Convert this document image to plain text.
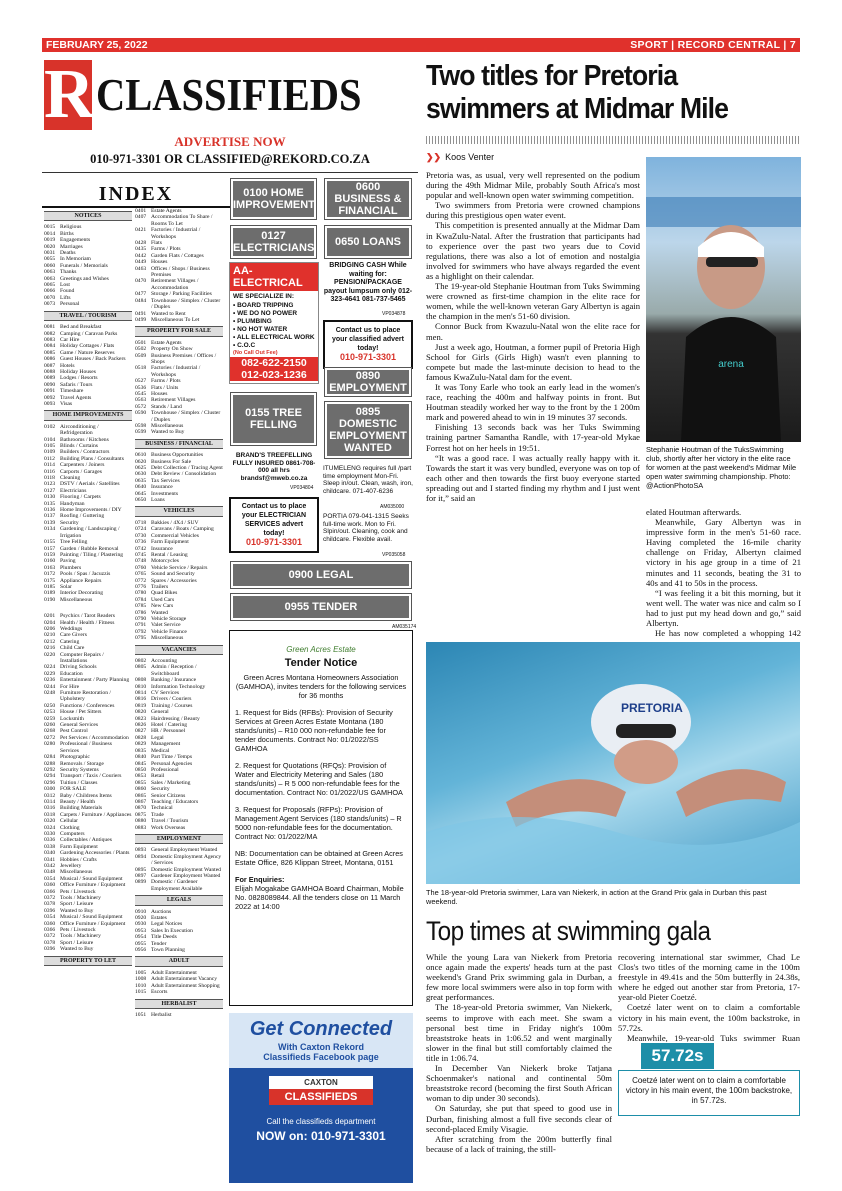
FEBRUARY 25, 2022	SPORT | RECORD CENTRAL | 7
R CLASSIFIEDS
ADVERTISE NOW
010-971-3301 OR CLASSIFIED@REKORD.CO.ZA
INDEX
NOTICES
0015 Religious
0014 Births
0019 Engagements
0020 Marriages
0031 Deaths
0055 In Memoriam
0060 Funerals / Memorials
0063 Thanks
0063 Greetings and Wishes
0065 Lost
0066 Found
0070 Lifts
0073 Personal
TRAVEL / TOURISM
0081 Bed and Breakfast
0082 Camping / Caravan Parks
0083 Car Hire
0084 Holiday Cottages / Flats
0085 Game / Nature Reserves
0086 Guest Houses / Back Packers
0087 Hotels
0088 Holiday Houses
0089 Lodges / Resorts
0090 Safaris / Tours
0091 Timeshare
0092 Travel Agents
0093 Visas
HOME IMPROVEMENTS
0102 Airconditioning / Refridgeration
0104 Bathrooms / Kitchens
0105 Blinds / Curtains
0109 Builders / Contractors
0112 Building Plans / Consultants
0114 Carpenters / Joiners
0116 Carports / Garages
0118 Cleaning
0123 DSTV / Aerials / Satellites
0127 Electricians
0130 Flooring / Carpets
0135 Handyman
0136 Home Improvements / DIY
0137 Roofing / Guttering
0139 Security
0134 Gardening / Landscaping / Irrigation
0155 Tree Felling
0157 Garden / Rubble Removal
0159 Painting / Tiling / Plastering
0160 Paving
0163 Plumbers
0172 Pools / Spas / Jacuzzis
0175 Appliance Repairs
0185 Solar
0189 Interior Decorating
0190 Miscellaneous
0201 Psychics / Tarot Readers
0204 Health / Health / Fitness
0206 Weddings
0210 Care Givers
0212 Catering
0216 Child Care
0220 Computer Repairs / Installations
0224 Driving Schools
0229 Education
0236 Entertainment / Party Planning
0244 For Hire
0248 Furniture Restoration / Upholstery
0250 Functions / Conferences
0253 House / Pet Sitters
0259 Locksmith
0260 General Services
0268 Pest Control
0272 Pet Services / Accommodation
0280 Professional / Business Services
0284 Photographic
0288 Removals / Storage
0292 Security Systems
0294 Transport / Taxis / Couriers
0296 Tuition / Classes
0300 FOR SALE
0312 Baby / Childrens Items
0314 Beauty / Health
0316 Building Materials
0318 Carpets / Furniture / Appliances
0320 Cellular
0324 Clothing
0330 Computers
0336 Collectables / Antiques
0338 Farm Equipment
0340 Gardening Accessories / Plants
0341 Hobbies / Crafts
0342 Jewellery
0348 Miscellaneous
0354 Musical / Sound Equipment
0360 Office Furniture / Equipment
0366 Pets / Livestock
0372 Tools / Machinery
0378 Sport / Leisure
0396 Wanted to Buy
0354 Musical / Sound Equipment
0360 Office Furniture / Equipment
0366 Pets / Livestock
0372 Tools / Machinery
0378 Sport / Leisure
0396 Wanted to Buy
PROPERTY TO LET
0401 Estate Agents
0407 Accommodation To Share / Rooms To Let
0421 Factories / Industrial / Workshops
0428 Flats
0435 Farms / Plots
0442 Garden Flats / Cottages
0449 Houses
0463 Offices / Shops / Business Premises
0470 Retirement Villages / Accommodation
0477 Storage / Parking Facilities
0484 Townhouse / Simplex / Cluster / Duplex
0491 Wanted to Rent
0499 Miscellaneous To Let
PROPERTY FOR SALE
0501 Estate Agents
0502 Property On Show
0509 Business Premises / Offices / Shops
0518 Factories / Industrial / Workshops
0527 Farms / Plots
0536 Flats / Units
0545 Houses
0563 Retirement Villages
0572 Stands / Land
0590 Townhouse / Simplex / Cluster / Duplex
0598 Miscellaneous
0599 Wanted to Buy
BUSINESS / FINANCIAL
0610 Business Opportunities
0620 Business For Sale
0625 Debt Collection / Tracing Agent
0630 Debt Review / Consolidation
0635 Tax Services
0640 Insurance
0645 Investments
0650 Loans
VEHICLES
0718 Bakkies / 4X4 / SUV
0724 Caravans / Boats / Camping
0730 Commercial Vehicles
0736 Farm Equipment
0742 Insurance
0745 Rental / Leasing
0748 Motorcycles
0760 Vehicle Service / Repairs
0765 Sound and Security
0772 Spares / Accessories
0776 Trailers
0780 Quad Bikes
0784 Used Cars
0785 New Cars
0786 Wanted
0790 Vehicle Storage
0791 Valet Service
0792 Vehicle Finance
0795 Miscellaneous
VACANCIES
0802 Accounting
0805 Admin / Reception / Switchboard
0808 Banking / Insurance
0810 Information Technology
0814 CV Services
0816 Drivers / Couriers
0819 Training / Courses
0820 General
0823 Hairdressing / Beauty
0826 Hotel / Catering
0827 HR / Personnel
0828 Legal
0829 Management
0835 Medical
0840 Part Time / Temps
0845 Personal Agencies
0850 Professional
0853 Retail
0855 Sales / Marketing
0860 Security
0865 Senior Citizens
0867 Teaching / Educators
0870 Technical
0875 Trade
0880 Travel / Tourism
0883 Work Overseas
EMPLOYMENT
0893 General Employment Wanted
0894 Domestic Employment Agency / Services
0895 Domestic Employment Wanted
0897 Gardener Employment Wanted
0899 Domestic / Gardener Employment Available
LEGALS
0910 Auctions
0920 Estates
0930 Legal Notices
0953 Sales In Execution
0954 Title Deeds
0955 Tender
0956 Town Planning
ADULT
1005 Adult Entertainment
1008 Adult Entertainment Vacancy
1010 Adult Entertainment Shopping
1015 Escorts
HERBALIST
1051 Herbalist
0100 HOME IMPROVEMENTS
0127 ELECTRICIANS
AA-ELECTRICAL
WE SPECIALIZE IN:
• BOARD TRIPPING
• WE DO NO POWER
• PLUMBING
• NO HOT WATER
• ALL ELECTRICAL WORK
• C.O.C
(No Call Out Fee)
082-622-2150
012-023-1236
0155 TREE FELLING
BRAND'S TREEFELLING FULLY INSURED 0861-708-000 all hrs brandsf@mweb.co.za
VP034804
Contact us to place your ELECTRICIAN SERVICES advert today!
010-971-3301
0600 BUSINESS & FINANCIAL
0650 LOANS
BRIDGING CASH While waiting for: PENSION/PACKAGE payout lumpsum only 012-323-4641 081-737-5465
VP034878
Contact us to place your classified advert today!
010-971-3301
0890 EMPLOYMENT
0895 DOMESTIC EMPLOYMENT WANTED
ITUMELENG requires full /part time employment Mon-Fri. Sleep in/out. Clean, wash, iron, childcare. 071-407-6236
AM035000
PORTIA 079-041-1315 Seeks full-time work. Mon to Fri. Slpin/out. Cleaning, cook and childcare. Flexible avail.
VP035058
0900 LEGAL
0955 TENDER
AM035174
Green Acres Estate
Tender Notice
Green Acres Montana Homeowners Association (GAMHOA), invites tenders for the following services for 36 months
1. Request for Bids (RFBs): Provision of Security Services at Green Acres Estate Montana (180 stands/units) – R10 000 non-refundable fee for tender documents. Contract No: 01/2022/SS GAMHOA
2. Request for Quotations (RFQs): Provision of Water and Electricity Metering and Sales (180 stands/units) – R 5 000 non-refundable fees for the documentation. Contract No: 01/2022/US GAMHOA
3. Request for Proposals (RFPs): Provision of Management Agent Services (180 stands/units) – R 5000 non-refundable fees for the documentation. Contract No: 01/2022/MA
NB: Documentation can be obtained at Green Acres Estate Office, 826 Klippan Street, Montana, 0151
For Enquiries:
Elijah Mogakabe GAMHOA Board Chairman, Mobile No. 0828089844. All the tenders close on 11 March 2022 at 14:00
Get Connected
With Caxton Rekord
Classifieds Facebook page
CAXTON
CLASSIFIEDS
Call the classifieds department
NOW on: 010-971-3301
Two titles for Pretoria
swimmers at Midmar Mile
❯❯ Koos Venter

Pretoria was, as usual, very well represented on the podium during the 49th Midmar Mile, probably South Africa's most popular and well-known open water swimming competition.

Two swimmers from Pretoria were crowned champions during this prestigious open water event.

This competition is presented annually at the Midmar Dam in KwaZulu-Natal. After the frustration that participants had to experience over the past two years due to Covid regulations, there was also a lot of emotion and nostalgia involved for swimmers who have always regarded the event as a highlight on their calendar.

The 19-year-old Stephanie Houtman from Tuks Swimming were crowned as first-time champion in the elite race for women, while the well-known veteran Gary Albertyn is again the champion in the men's 51-60 division.

Connor Buck from Kwazulu-Natal won the elite race for men.

Just a week ago, Houtman, a former pupil of Pretoria High School for Girls (Girls High) wasn't even planning to compete but made the last-minute decision to head to the famous KwaZulu-Natal dam for the event.

It was Tony Earle who took an early lead in the women's race, reaching the 400m and halfway points in front. But Houtman steadily worked her way to the front by the 1 200m mark and powered ahead to win in 19 minutes 37 seconds.

Finishing 13 seconds back was her Tuks Swimming training partner Samantha Randle, with 17-year-old Mykae Forrest hot on her heels in 19:51.

“It was a good race. I was actually really happy with it. Towards the start it was very bundled, everyone was on top of each other and then towards the first buoy everyone started spreading out and I started finding my rhythm and I just went for it,” said an

arena
Stephanie Houtman of the TuksSwimming club, shortly after her victory in the elite race for women at the past weekend's Midmar Mile open water swimming championship. Photo: @ActionPhotoSA

elated Houtman afterwards.

Meanwhile, Gary Albertyn was in impressive form in the men's 51-60 race. Having completed the 16-mile charity challenge on Friday, Albertyn claimed victory in his age group in a time of 21 minutes and 11 seconds, beating the 31 to 40s and 41 to 50s in the process.

“I was feeling it a bit this morning, but it went well. The water was nice and calm so I had to just put my head down and go,” said Albertyn.

He has now completed a whopping 142

PRETORIA
The 18-year-old Pretoria swimmer, Lara van Niekerk, in action at the Grand Prix gala in Durban this past weekend.
Top times at swimming gala

While the young Lara van Niekerk from Pretoria once again made the experts' heads turn at the past weekend's Grand Prix swimming gala in Durban, a few more local swimmers were also in top form with great performances.

The 18-year-old Pretoria swimmer, Van Niekerk, seems to improve with each meet. She swam a personal best time in Friday night's 100m breaststroke heats in 1:06.52 and went marginally slower in the final but still comfortably claimed the title in 1:06.74.

In December Van Niekerk broke Tatjana Schoenmaker's national and continental 50m breaststroke record (becoming the first South African woman to dip under 30 seconds).

On Saturday, she put that speed to good use in Durban, finishing almost a full five seconds clear of second-placed Emily Visagie.

After scratching from the 200m butterfly final because of a lack of training, the still-

recovering international star swimmer, Chad Le Clos's two titles of the morning came in the 100m freestyle in 49.41s and the 50m butterfly in 24.38s, where he edged out another star from Pretoria, 17-year-old Pieter Coetzé.

Coetzé later went on to claim a comfortable victory in his main event, the 100m backstroke, in 57.72s.

Meanwhile, 19-year-old Tuks swimmer Ruan

57.72s
Coetzé later went on to claim a comfortable victory in his main event, the 100m backstroke, in 57.72s.
